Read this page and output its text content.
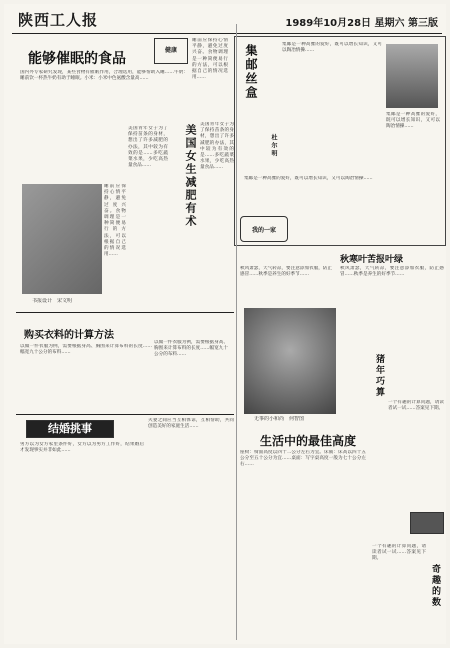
陕西工人报	1989年10月28日 星期六 第三版
能够催眠的食品
健康
国内外专家研究发现，某些食物有催眠作用，合理选用，能够帮助入睡……牛奶：睡前饮一杯热牛奶有助于睡眠。小米：小米中色氨酸含量高……
睡前应保持心情平静，避免过度兴奋。食物调理是一种简便易行的方法，可以根据自己的情况选用……
睡前应保持心情平静，避免过度兴奋。食物调理是一种简便易行的方法，可以根据自己的情况选用……
书报设计　宋文明
美国青年女子为了保持苗条的身材，想出了许多减肥的办法，其中较为有效的是……多吃蔬菜水果，少吃高热量食品……	美国女生减肥有术 美国青年女子为了保持苗条的身材，想出了许多减肥的办法，其中较为有效的是……多吃蔬菜水果，少吃高热量食品……
购买衣料的计算方法
以做一件衣服为例，需要根据身高、胸围来计算布料的长度……幅宽九十公分的布料……
以做一件衣服为例，需要根据身高、胸围来计算布料的长度……幅宽九十公分的布料……
结婚挑事
男方以为女方家里条件好，女方以为男方工作好，结果婚后才发现事实并非如此……
夫妻之间应当互相体谅，互相帮助，共同创造美好的家庭生活……
集邮丝盒
杜尔明
集邮是一种高雅的爱好，既可以增长知识，又可以陶冶情操……
集邮是一种高雅的爱好，既可以增长知识，又可以陶冶情操……
集邮是一种高雅的爱好，既可以增长知识，又可以陶冶情操……
我的一家
秋寒叶苦报叶绿
秋风萧瑟，天气转凉，要注意添加衣服，防止感冒……秋季是养生的好季节……
秋风萧瑟，天气转凉，要注意添加衣服，防止感冒……秋季是养生的好季节……
无事的小和尚　何智图
生活中的最佳高度
座椅：椅面高度以四十二公分左右为宜。床铺：床高以四十五公分至五十公分为宜……桌面：写字桌高度一般为七十公分左右……
猪年巧算
一个有趣的计算问题，请读者试一试……答案见下期。
奇趣的数
一个有趣的计算问题，请读者试一试……答案见下期。
